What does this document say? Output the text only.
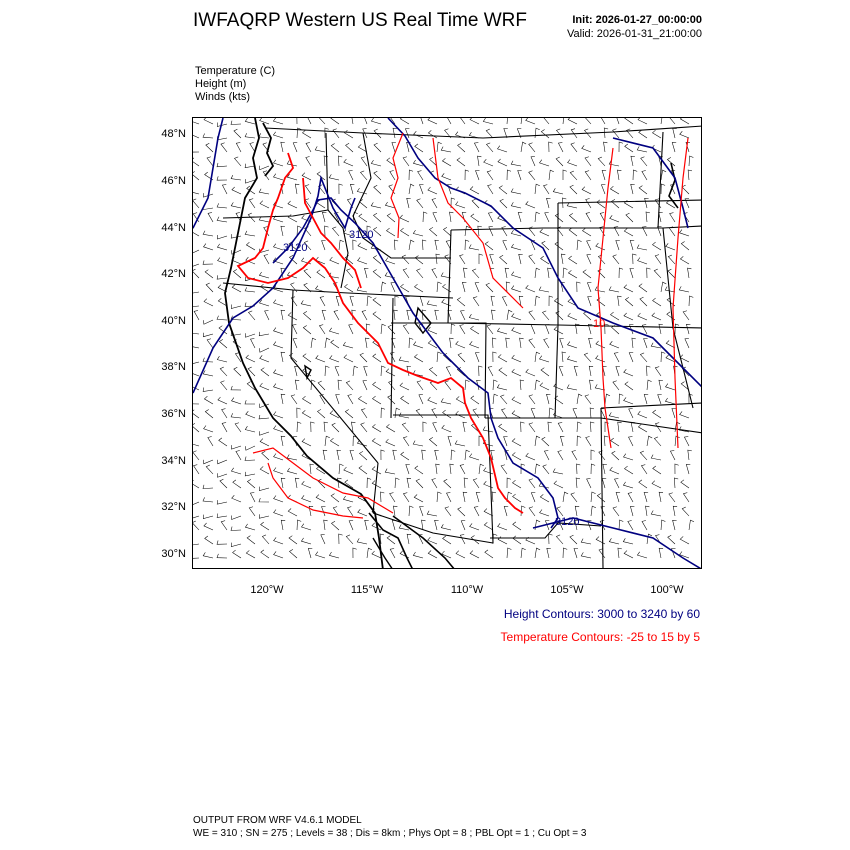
IWFAQRP Western US Real Time WRF	Init: 2026-01-27_00:00:00
Valid: 2026-01-31_21:00:00
Temperature (C)
Height (m)
Winds (kts)
48°N
46°N
44°N
42°N
40°N
38°N
36°N
34°N
32°N
30°N
3120
3120
3120
10
120°W	115°W	110°W	105°W	100°W
Height Contours: 3000 to 3240 by 60
Temperature Contours: -25 to 15 by 5
OUTPUT FROM WRF V4.6.1 MODEL
WE = 310 ; SN = 275 ; Levels = 38 ; Dis = 8km ; Phys Opt = 8 ; PBL Opt = 1 ; Cu Opt = 3
